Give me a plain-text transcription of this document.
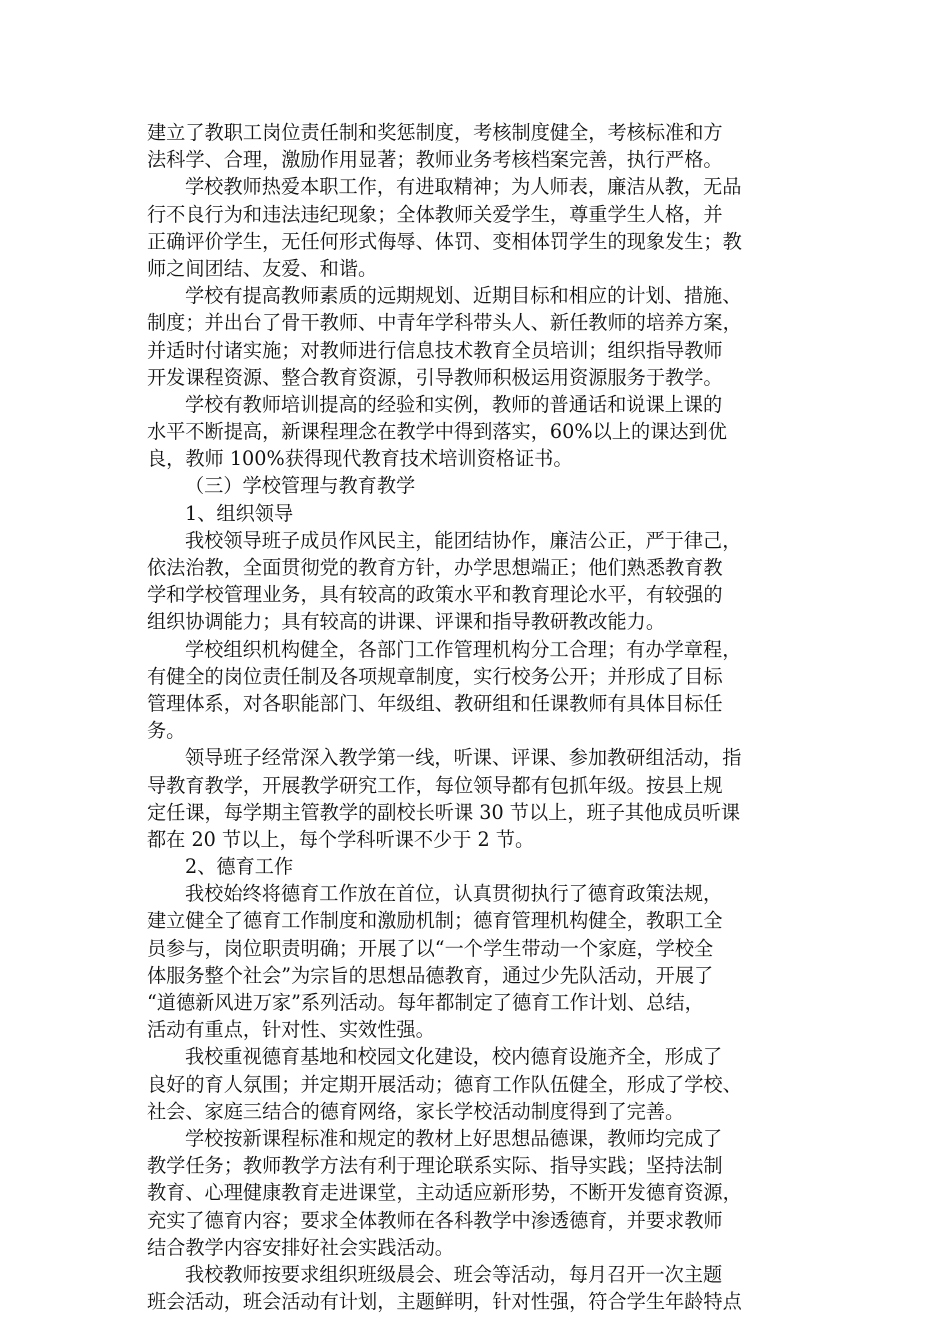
建立了教职工岗位责任制和奖惩制度，考核制度健全，考核标准和方
法科学、合理，激励作用显著；教师业务考核档案完善，执行严格。
学校教师热爱本职工作，有进取精神；为人师表，廉洁从教，无品
行不良行为和违法违纪现象；全体教师关爱学生，尊重学生人格，并
正确评价学生，无任何形式侮辱、体罚、变相体罚学生的现象发生；教
师之间团结、友爱、和谐。
学校有提高教师素质的远期规划、近期目标和相应的计划、措施、
制度；并出台了骨干教师、中青年学科带头人、新任教师的培养方案，
并适时付诸实施；对教师进行信息技术教育全员培训；组织指导教师
开发课程资源、整合教育资源，引导教师积极运用资源服务于教学。
学校有教师培训提高的经验和实例，教师的普通话和说课上课的
水平不断提高，新课程理念在教学中得到落实，60%以上的课达到优
良，教师 100%获得现代教育技术培训资格证书。
（三）学校管理与教育教学
1、组织领导
我校领导班子成员作风民主，能团结协作，廉洁公正，严于律己，
依法治教，全面贯彻党的教育方针，办学思想端正；他们熟悉教育教
学和学校管理业务，具有较高的政策水平和教育理论水平，有较强的
组织协调能力；具有较高的讲课、评课和指导教研教改能力。
学校组织机构健全，各部门工作管理机构分工合理；有办学章程，
有健全的岗位责任制及各项规章制度，实行校务公开；并形成了目标
管理体系，对各职能部门、年级组、教研组和任课教师有具体目标任
务。
领导班子经常深入教学第一线，听课、评课、参加教研组活动，指
导教育教学，开展教学研究工作，每位领导都有包抓年级。按县上规
定任课，每学期主管教学的副校长听课 30 节以上，班子其他成员听课
都在 20 节以上，每个学科听课不少于 2 节。
2、德育工作
我校始终将德育工作放在首位，认真贯彻执行了德育政策法规，
建立健全了德育工作制度和激励机制；德育管理机构健全，教职工全
员参与，岗位职责明确；开展了以“一个学生带动一个家庭，学校全
体服务整个社会”为宗旨的思想品德教育，通过少先队活动，开展了
“道德新风进万家”系列活动。每年都制定了德育工作计划、总结，
活动有重点，针对性、实效性强。
我校重视德育基地和校园文化建设，校内德育设施齐全，形成了
良好的育人氛围；并定期开展活动；德育工作队伍健全，形成了学校、
社会、家庭三结合的德育网络，家长学校活动制度得到了完善。
学校按新课程标准和规定的教材上好思想品德课，教师均完成了
教学任务；教师教学方法有利于理论联系实际、指导实践；坚持法制
教育、心理健康教育走进课堂，主动适应新形势，不断开发德育资源，
充实了德育内容；要求全体教师在各科教学中渗透德育，并要求教师
结合教学内容安排好社会实践活动。
我校教师按要求组织班级晨会、班会等活动，每月召开一次主题
班会活动，班会活动有计划，主题鲜明，针对性强，符合学生年龄特点
